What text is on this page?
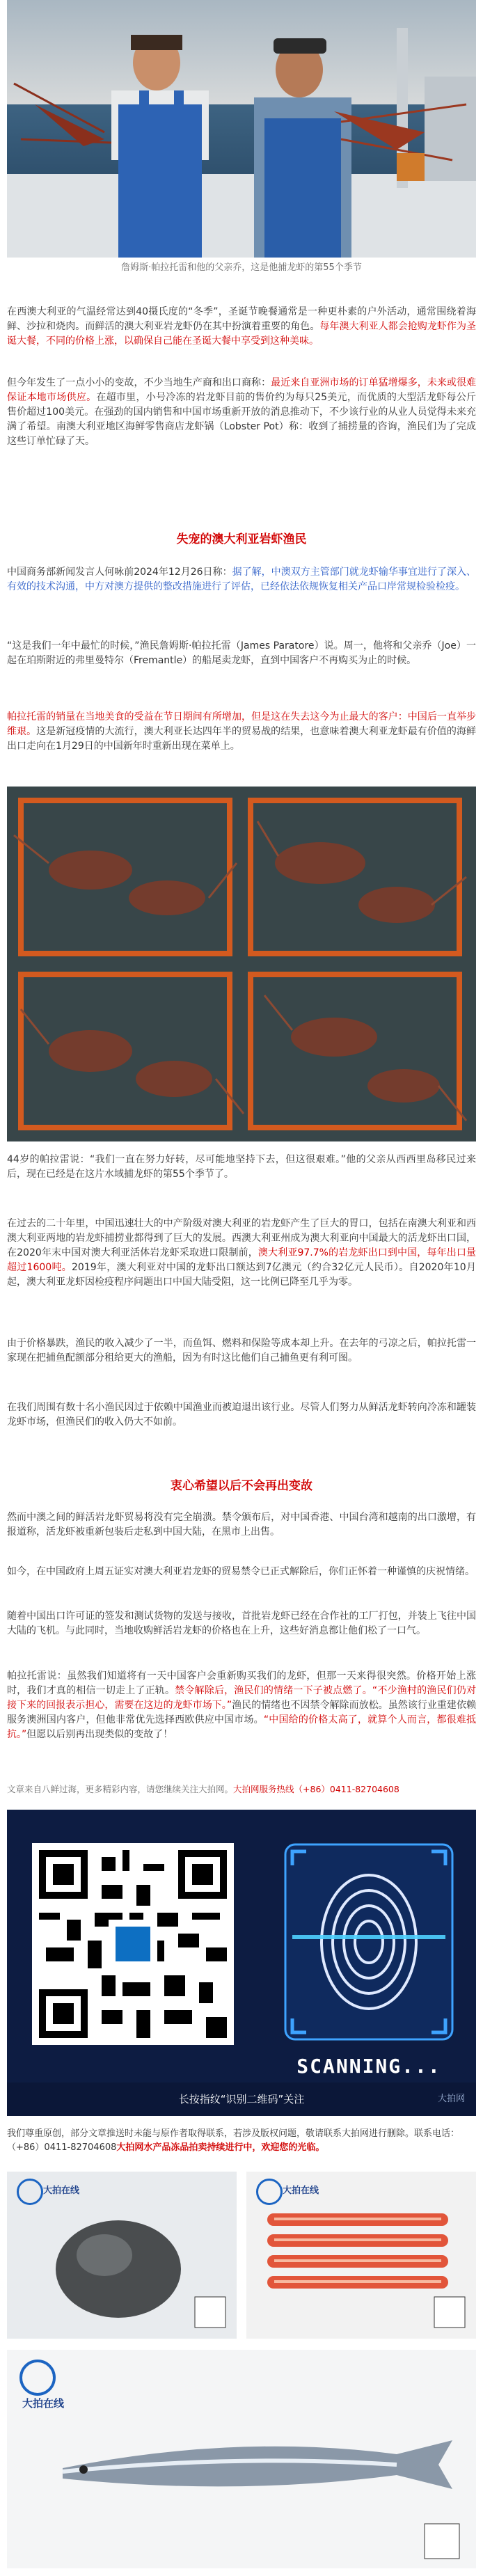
詹姆斯·帕拉托雷和他的父亲乔，这是他捕龙虾的第55个季节

在西澳大利亚的气温经常达到40摄氏度的“冬季”，圣诞节晚餐通常是一种更朴素的户外活动，通常围绕着海鲜、沙拉和烧肉。而鲜活的澳大利亚岩龙虾仍在其中扮演着重要的角色。每年澳大利亚人都会抢购龙虾作为圣诞大餐，不同的价格上涨，以确保自己能在圣诞大餐中享受到这种美味。

但今年发生了一点小小的变故，不少当地生产商和出口商称：最近来自亚洲市场的订单猛增爆多，未来或很难保证本地市场供应。在超市里，小号冷冻的岩龙虾目前的售价约为每只25美元，而优质的大型活龙虾每公斤售价超过100美元。在强劲的国内销售和中国市场重新开放的消息推动下，不少该行业的从业人员觉得未来充满了希望。南澳大利亚地区海鲜零售商店龙虾锅（Lobster Pot）称：收到了捕捞量的咨询，渔民们为了完成这些订单忙碌了天。

失宠的澳大利亚岩虾渔民

中国商务部新闻发言人何咏前2024年12月26日称：据了解，中澳双方主管部门就龙虾输华事宜进行了深入、有效的技术沟通，中方对澳方提供的整改措施进行了评估，已经依法依规恢复相关产品口岸常规检验检疫。

“这是我们一年中最忙的时候，”渔民詹姆斯·帕拉托雷（James Paratore）说。周一，他将和父亲乔（Joe）一起在珀斯附近的弗里曼特尔（Fremantle）的船尾卖龙虾，直到中国客户不再购买为止的时候。

帕拉托雷的销量在当地美食的受益在节日期间有所增加，但是这在失去这今为止最大的客户：中国后一直举步维艰。这是新冠疫情的大流行，澳大利亚长达四年半的贸易战的结果，也意味着澳大利亚龙虾最有价值的海鲜出口走向在1月29日的中国新年时重新出现在菜单上。

44岁的帕拉雷说：“我们一直在努力好转，尽可能地坚持下去，但这很艰难。”他的父亲从西西里岛移民过来后，现在已经是在这片水域捕龙虾的第55个季节了。

在过去的二十年里，中国迅速壮大的中产阶级对澳大利亚的岩龙虾产生了巨大的胃口，包括在南澳大利亚和西澳大利亚两地的岩龙虾捕捞业都得到了巨大的发展。西澳大利亚州成为澳大利亚向中国最大的活龙虾出口国，在2020年末中国对澳大利亚活体岩龙虾采取进口限制前，澳大利亚97.7%的岩龙虾出口到中国，每年出口量超过1600吨。2019年，澳大利亚对中国的龙虾出口额达到7亿澳元（约合32亿元人民币）。自2020年10月起，澳大利亚龙虾因检疫程序问题出口中国大陆受阻，这一比例已降至几乎为零。

由于价格暴跌，渔民的收入减少了一半，而鱼饵、燃料和保险等成本却上升。在去年的弓凉之后，帕拉托雷一家现在把捕鱼配额部分租给更大的渔船，因为有时这比他们自己捕鱼更有利可图。

在我们周围有数十名小渔民因过于依赖中国渔业而被迫退出该行业。尽管人们努力从鲜活龙虾转向冷冻和罐装龙虾市场，但渔民们的收入仍大不如前。

衷心希望以后不会再出变故

然而中澳之间的鲜活岩龙虾贸易将没有完全崩溃。禁令颁布后，对中国香港、中国台湾和越南的出口激增，有报道称，活龙虾被重新包装后走私到中国大陆，在黑市上出售。

如今，在中国政府上周五证实对澳大利亚岩龙虾的贸易禁令已正式解除后，你们正怀着一种谨慎的庆祝情绪。

随着中国出口许可证的签发和测试货物的发送与接收，首批岩龙虾已经在合作社的工厂打包，并装上飞往中国大陆的飞机。与此同时，当地收购鲜活岩龙虾的价格也在上升，这些好消息都让他们松了一口气。

帕拉托雷说：虽然我们知道将有一天中国客户会重新购买我们的龙虾，但那一天来得很突然。价格开始上涨时，我们才真的相信一切走上了正轨。禁令解除后，渔民们的情绪一下子被点燃了。“不少渔村的渔民们仍对接下来的回报表示担心，需要在这边的龙虾市场下。”渔民的情绪也不因禁令解除而放松。虽然该行业重建依赖服务澳洲国内客户，但他非常优先选择西欧供应中国市场。“中国给的价格太高了，就算个人而言，都很难抵抗。”但愿以后别再出现类似的变故了！

文章来自八鲜过海，更多精彩内容，请您继续关注大拍网。大拍网服务热线（+86）0411-82704608
SCANNING...
长按指纹“识别二维码”关注	大拍网
我们尊重原创，部分文章推送时未能与原作者取得联系，若涉及版权问题，敬请联系大拍网进行删除。联系电话：（+86）0411-82704608大拍网水产品冻品拍卖持续进行中，欢迎您的光临。
大拍在线	大拍在线
大拍在线
